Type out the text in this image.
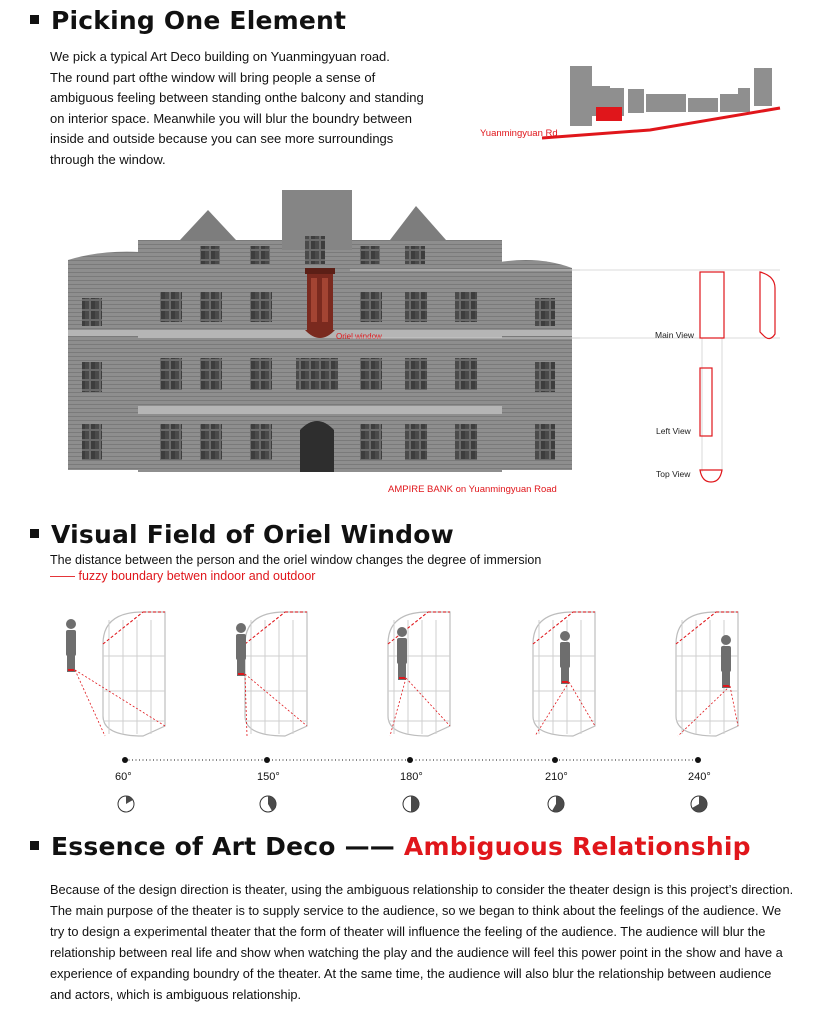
Picking One Element
We pick a typical Art Deco building on Yuanmingyuan road.
The round part ofthe window will bring people a sense of
ambiguous feeling between standing onthe balcony and standing
on interior space. Meanwhile you will blur the boundry between
inside and outside because you can see more surroundings
through the window.
Yuanmingyuan Rd
Oriel window
AMPIRE BANK on Yuanmingyuan Road
Main View
Left View
Top View
Visual Field of Oriel Window
The distance between the person and the oriel window changes the degree of immersion
—— fuzzy boundary betwen indoor and outdoor
60°	150°	180°	210°	240°
Essence of Art Deco —— Ambiguous Relationship
Because of the design direction is theater, using the ambiguous relationship to consider the theater design is this project’s direction. The main purpose of the theater is to supply service to the audience, so we began to think about the feelings of the audience. We try to design a experimental theater that the form of theater will influence the feeling of the audience. The audience will blur the relationship between real life and show when watching the play and the audience will feel this power point in the show and have a experience of expanding boundry of the theater. At the same time, the audience will also blur the relationship between audience and actors, which is ambiguous relationship.
